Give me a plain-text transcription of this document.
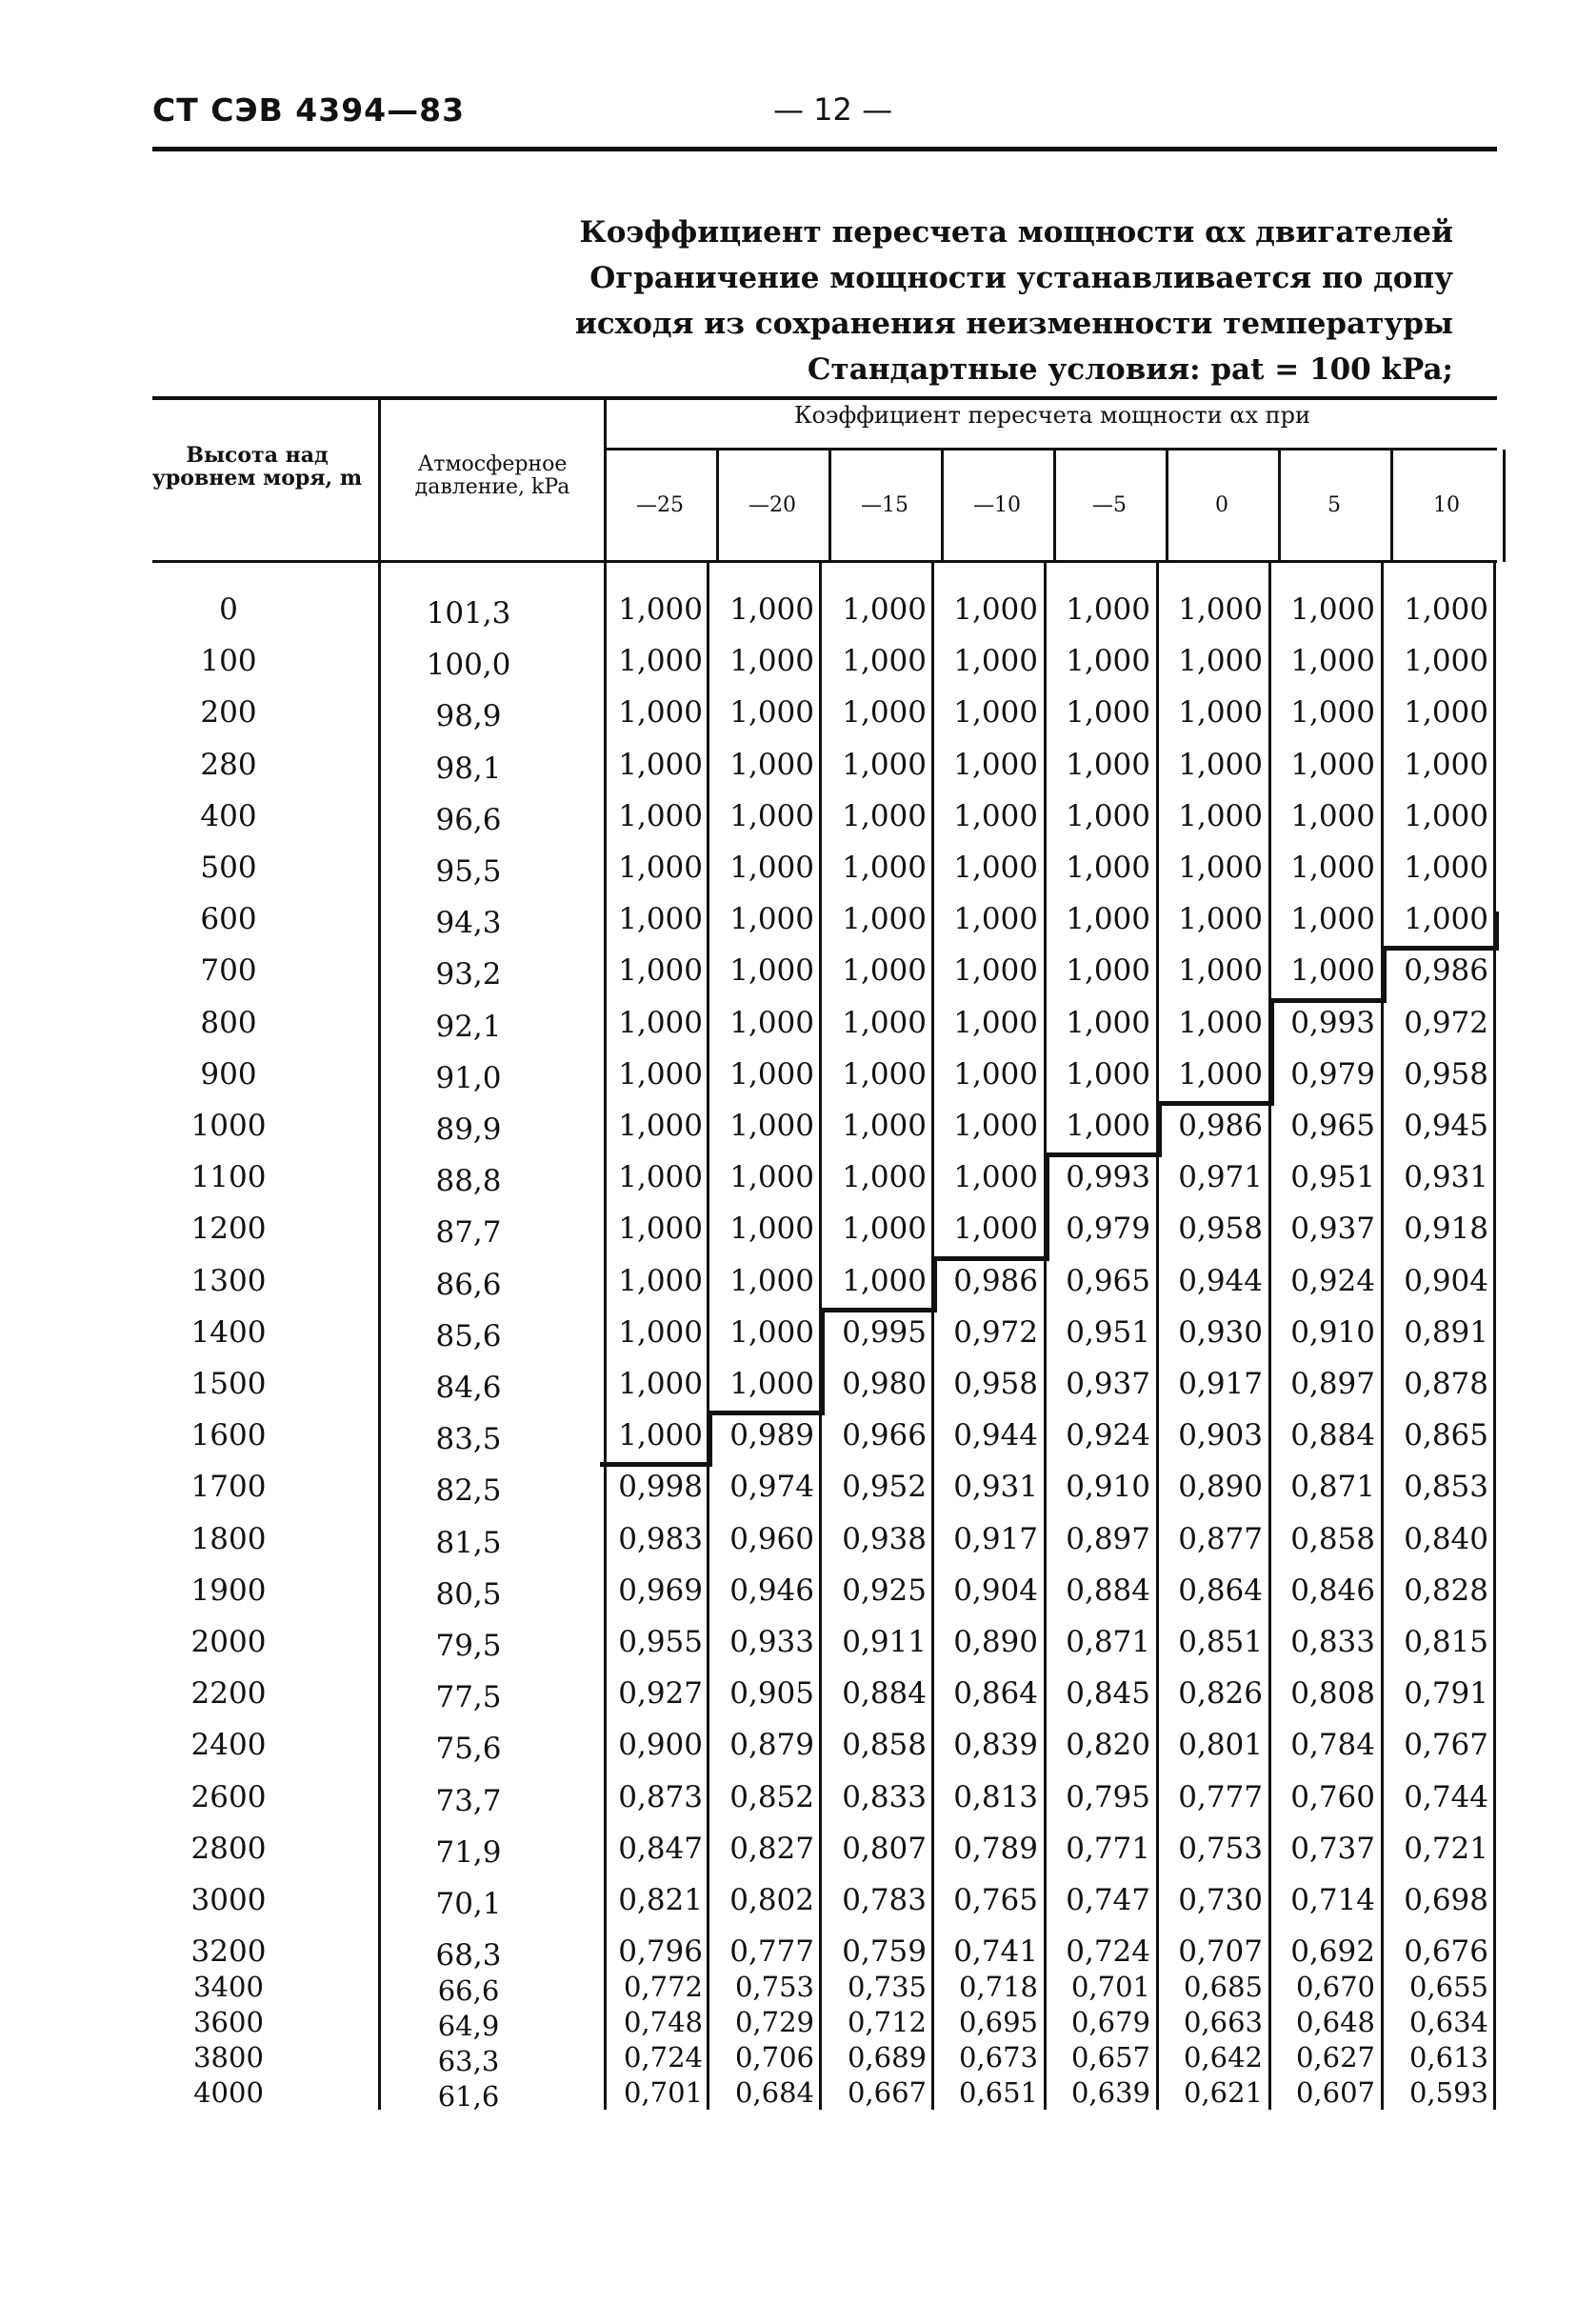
СТ СЭВ 4394—83	— 12 —
Коэффициент пересчета мощности αx двигателей
Ограничение мощности устанавливается по допу
исходя из сохранения неизменности температуры
Стандартные условия: pat = 100 kPa;
Высота над уровнем моря, m
Атмосферное давление, kPa
Коэффициент пересчета мощности αx при
—25	—20	—15	—10	—5	0	5	10
0	101,3	1,000 1,000 1,000 1,000 1,000 1,000 1,000 1,000
100	100,0	1,000 1,000 1,000 1,000 1,000 1,000 1,000 1,000
200	98,9	1,000 1,000 1,000 1,000 1,000 1,000 1,000 1,000
280	98,1	1,000 1,000 1,000 1,000 1,000 1,000 1,000 1,000
400	96,6	1,000 1,000 1,000 1,000 1,000 1,000 1,000 1,000
500	95,5	1,000 1,000 1,000 1,000 1,000 1,000 1,000 1,000
600	94,3	1,000 1,000 1,000 1,000 1,000 1,000 1,000 1,000
700	93,2	1,000 1,000 1,000 1,000 1,000 1,000 1,000 0,986
800	92,1	1,000 1,000 1,000 1,000 1,000 1,000 0,993 0,972
900	91,0	1,000 1,000 1,000 1,000 1,000 1,000 0,979 0,958
1000	89,9	1,000 1,000 1,000 1,000 1,000 0,986 0,965 0,945
1100	88,8	1,000 1,000 1,000 1,000 0,993 0,971 0,951 0,931
1200	87,7	1,000 1,000 1,000 1,000 0,979 0,958 0,937 0,918
1300	86,6	1,000 1,000 1,000 0,986 0,965 0,944 0,924 0,904
1400	85,6	1,000 1,000 0,995 0,972 0,951 0,930 0,910 0,891
1500	84,6	1,000 1,000 0,980 0,958 0,937 0,917 0,897 0,878
1600	83,5	1,000 0,989 0,966 0,944 0,924 0,903 0,884 0,865
1700	82,5	0,998 0,974 0,952 0,931 0,910 0,890 0,871 0,853
1800	81,5	0,983 0,960 0,938 0,917 0,897 0,877 0,858 0,840
1900	80,5	0,969 0,946 0,925 0,904 0,884 0,864 0,846 0,828
2000	79,5	0,955 0,933 0,911 0,890 0,871 0,851 0,833 0,815
2200	77,5	0,927 0,905 0,884 0,864 0,845 0,826 0,808 0,791
2400	75,6	0,900 0,879 0,858 0,839 0,820 0,801 0,784 0,767
2600	73,7	0,873 0,852 0,833 0,813 0,795 0,777 0,760 0,744
2800	71,9	0,847 0,827 0,807 0,789 0,771 0,753 0,737 0,721
3000	70,1	0,821 0,802 0,783 0,765 0,747 0,730 0,714 0,698
3200	68,3	0,796 0,777 0,759 0,741 0,724 0,707 0,692 0,676
3400	66,6	0,772	0,753	0,735	0,718	0,701	0,685	0,670	0,655
3600	64,9	0,748	0,729	0,712	0,695	0,679	0,663	0,648	0,634
3800	63,3	0,724	0,706	0,689	0,673	0,657	0,642	0,627	0,613
4000	61,6	0,701	0,684	0,667	0,651	0,639	0,621	0,607	0,593
